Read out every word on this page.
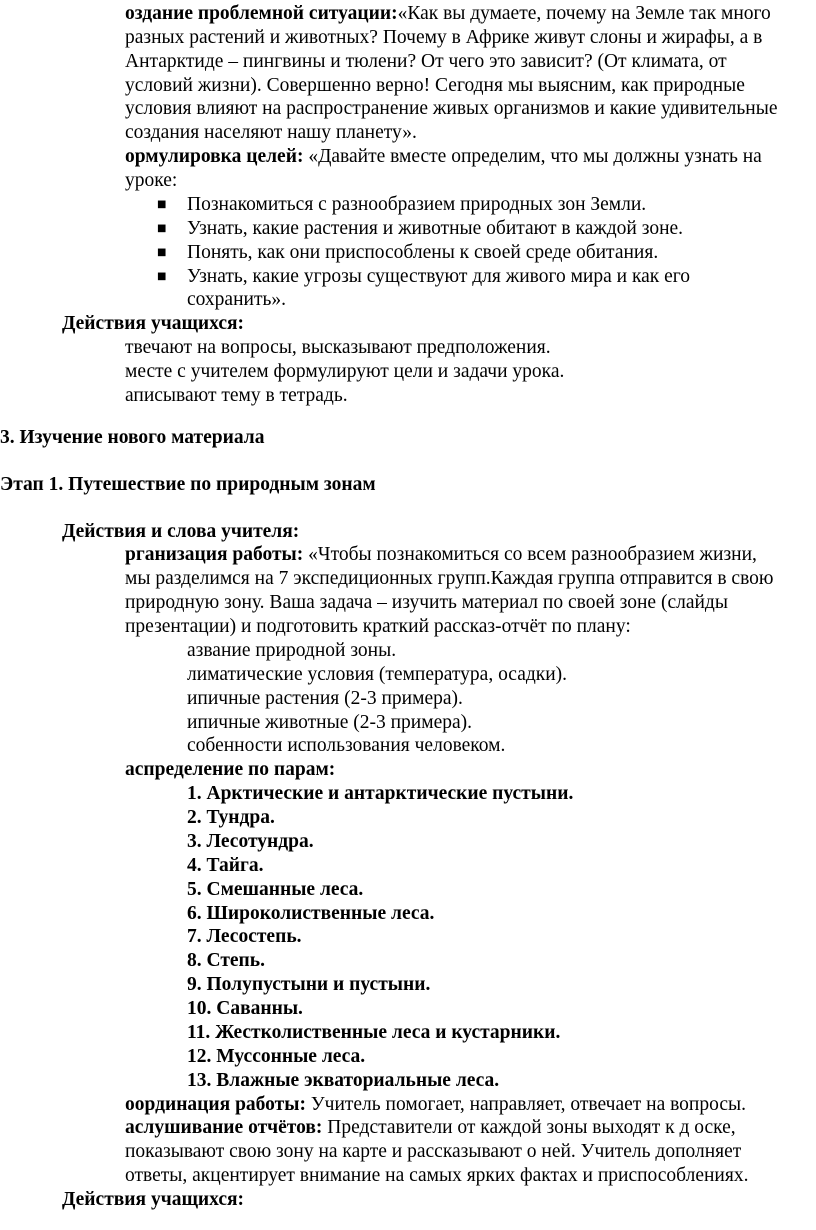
оздание проблемной ситуации:«Как вы думаете, почему на Земле так много
разных растений и животных? Почему в Африке живут слоны и жирафы, а в
Антарктиде – пингвины и тюлени? От чего это зависит? (От климата, от
условий жизни). Совершенно верно! Сегодня мы выясним, как природные
условия влияют на распространение живых организмов и какие удивительные
создания населяют нашу планету».
ормулировка целей: «Давайте вместе определим, что мы должны узнать на
уроке:
■ Познакомиться с разнообразием природных зон Земли.
■ Узнать, какие растения и животные обитают в каждой зоне.
■ Понять, как они приспособлены к своей среде обитания.
■ Узнать, какие угрозы существуют для живого мира и как его
сохранить».
Действия учащихся:
твечают на вопросы, высказывают предположения.
месте с учителем формулируют цели и задачи урока.
аписывают тему в тетрадь.
3. Изучение нового материала
Этап 1. Путешествие по природным зонам
Действия и слова учителя:
рганизация работы: «Чтобы познакомиться со всем разнообразием жизни,
мы разделимся на 7 экспедиционных групп.Каждая группа отправится в свою
природную зону. Ваша задача – изучить материал по своей зоне (слайды
презентации) и подготовить краткий рассказ-отчёт по плану:
азвание природной зоны.
лиматические условия (температура, осадки).
ипичные растения (2-3 примера).
ипичные животные (2-3 примера).
собенности использования человеком.
аспределение по парам:
1. Арктические и антарктические пустыни.
2. Тундра.
3. Лесотундра.
4. Тайга.
5. Смешанные леса.
6. Широколиственные леса.
7. Лесостепь.
8. Степь.
9. Полупустыни и пустыни.
10. Саванны.
11. Жестколиственные леса и кустарники.
12. Муссонные леса.
13. Влажные экваториальные леса.
оординация работы: Учитель помогает, направляет, отвечает на вопросы.
аслушивание отчётов: Представители от каждой зоны выходят к д оске,
показывают свою зону на карте и рассказывают о ней. Учитель дополняет
ответы, акцентирует внимание на самых ярких фактах и приспособлениях.
Действия учащихся:
